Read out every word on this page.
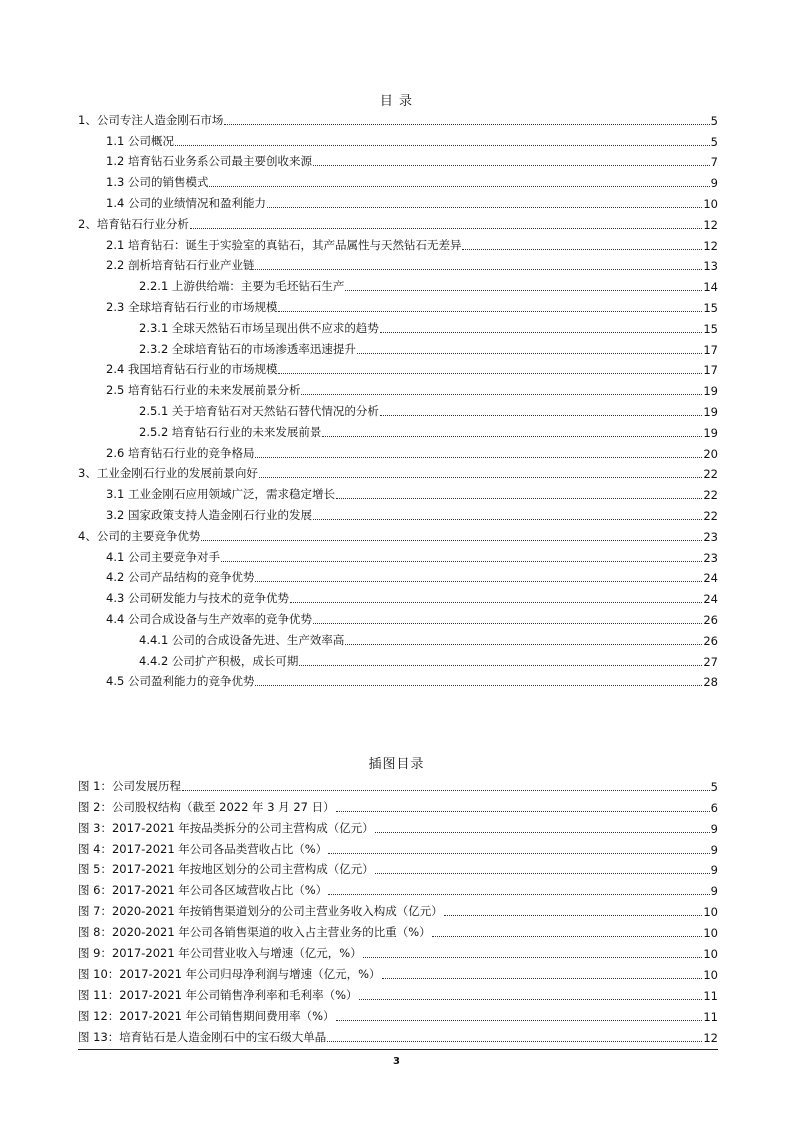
目 录
1、公司专注人造金刚石市场	5
1.1 公司概况	5
1.2 培育钻石业务系公司最主要创收来源	7
1.3 公司的销售模式	9
1.4 公司的业绩情况和盈利能力	10
2、培育钻石行业分析	12
2.1 培育钻石：诞生于实验室的真钻石，其产品属性与天然钻石无差异	12
2.2 剖析培育钻石行业产业链	13
2.2.1 上游供给端：主要为毛坯钻石生产	14
2.3 全球培育钻石行业的市场规模	15
2.3.1 全球天然钻石市场呈现出供不应求的趋势	15
2.3.2 全球培育钻石的市场渗透率迅速提升	17
2.4 我国培育钻石行业的市场规模	17
2.5 培育钻石行业的未来发展前景分析	19
2.5.1 关于培育钻石对天然钻石替代情况的分析	19
2.5.2 培育钻石行业的未来发展前景	19
2.6 培育钻石行业的竞争格局	20
3、工业金刚石行业的发展前景向好	22
3.1 工业金刚石应用领域广泛，需求稳定增长	22
3.2 国家政策支持人造金刚石行业的发展	22
4、公司的主要竞争优势	23
4.1 公司主要竞争对手	23
4.2 公司产品结构的竞争优势	24
4.3 公司研发能力与技术的竞争优势	24
4.4 公司合成设备与生产效率的竞争优势	26
4.4.1 公司的合成设备先进、生产效率高	26
4.4.2 公司扩产积极，成长可期	27
4.5 公司盈利能力的竞争优势	28
插图目录
图 1：公司发展历程	5
图 2：公司股权结构（截至 2022 年 3 月 27 日）	6
图 3：2017-2021 年按品类拆分的公司主营构成（亿元）	9
图 4：2017-2021 年公司各品类营收占比（%）	9
图 5：2017-2021 年按地区划分的公司主营构成（亿元）	9
图 6：2017-2021 年公司各区域营收占比（%）	9
图 7：2020-2021 年按销售渠道划分的公司主营业务收入构成（亿元）	10
图 8：2020-2021 年公司各销售渠道的收入占主营业务的比重（%）	10
图 9：2017-2021 年公司营业收入与增速（亿元，%）	10
图 10：2017-2021 年公司归母净利润与增速（亿元，%）	10
图 11：2017-2021 年公司销售净利率和毛利率（%）	11
图 12：2017-2021 年公司销售期间费用率（%）	11
图 13：培育钻石是人造金刚石中的宝石级大单晶	12
3
